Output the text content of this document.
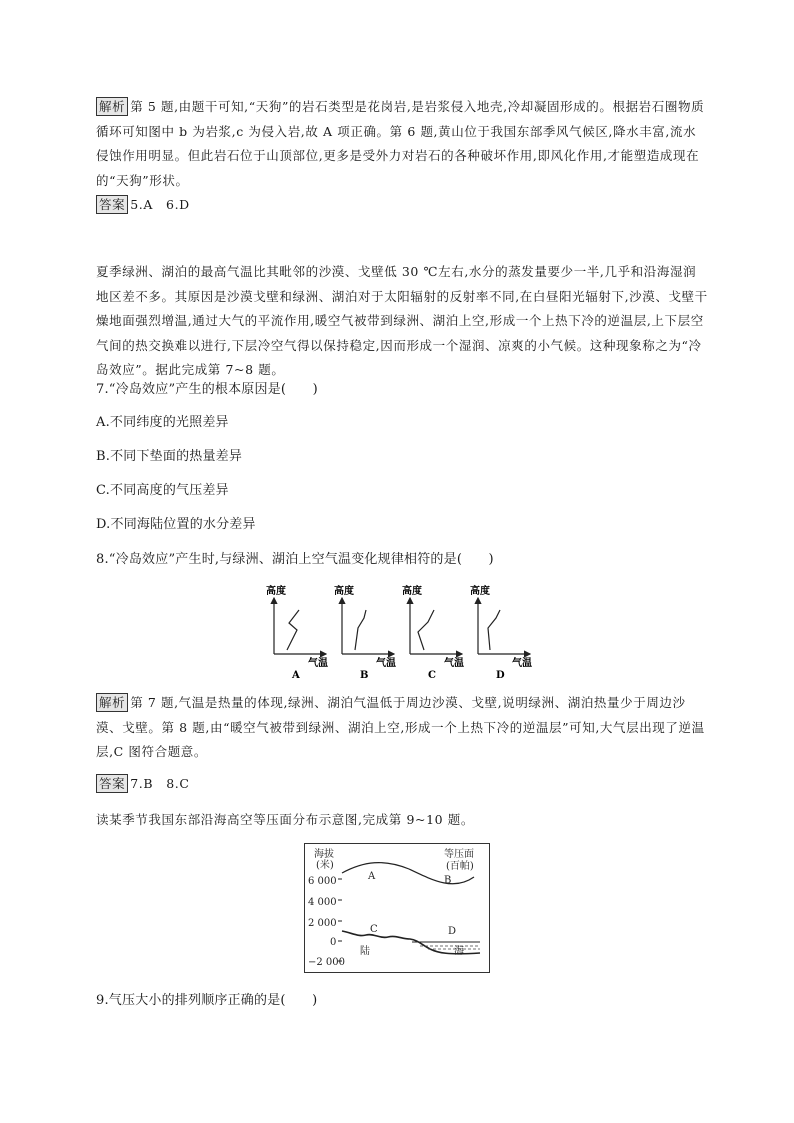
解析 第 5 题,由题干可知,“天狗”的岩石类型是花岗岩,是岩浆侵入地壳,冷却凝固形成的。根据岩石圈物质循环可知图中 b 为岩浆,c 为侵入岩,故 A 项正确。第 6 题,黄山位于我国东部季风气候区,降水丰富,流水侵蚀作用明显。但此岩石位于山顶部位,更多是受外力对岩石的各种破坏作用,即风化作用,才能塑造成现在的“天狗”形状。
答案 5.A　6.D
夏季绿洲、湖泊的最高气温比其毗邻的沙漠、戈壁低 30 ℃左右,水分的蒸发量要少一半,几乎和沿海湿润地区差不多。其原因是沙漠戈壁和绿洲、湖泊对于太阳辐射的反射率不同,在白昼阳光辐射下,沙漠、戈壁干燥地面强烈增温,通过大气的平流作用,暖空气被带到绿洲、湖泊上空,形成一个上热下冷的逆温层,上下层空气间的热交换难以进行,下层冷空气得以保持稳定,因而形成一个湿润、凉爽的小气候。这种现象称之为“冷岛效应”。据此完成第 7~8 题。
7.“冷岛效应”产生的根本原因是(　　)
A.不同纬度的光照差异
B.不同下垫面的热量差异
C.不同高度的气压差异
D.不同海陆位置的水分差异
8.“冷岛效应”产生时,与绿洲、湖泊上空气温变化规律相符的是(　　)
高度
气温
A
高度
气温
B
高度
气温
C
高度
气温
D
解析 第 7 题,气温是热量的体现,绿洲、湖泊气温低于周边沙漠、戈壁,说明绿洲、湖泊热量少于周边沙漠、戈壁。第 8 题,由“暖空气被带到绿洲、湖泊上空,形成一个上热下冷的逆温层”可知,大气层出现了逆温层,C 图符合题意。
答案 7.B　8.C
读某季节我国东部沿海高空等压面分布示意图,完成第 9~10 题。
海拔
(米)
6 000
4 000
2 000
0
−2 000
等压面
(百帕)
A	B
C	D
陆	海
9.气压大小的排列顺序正确的是(　　)
